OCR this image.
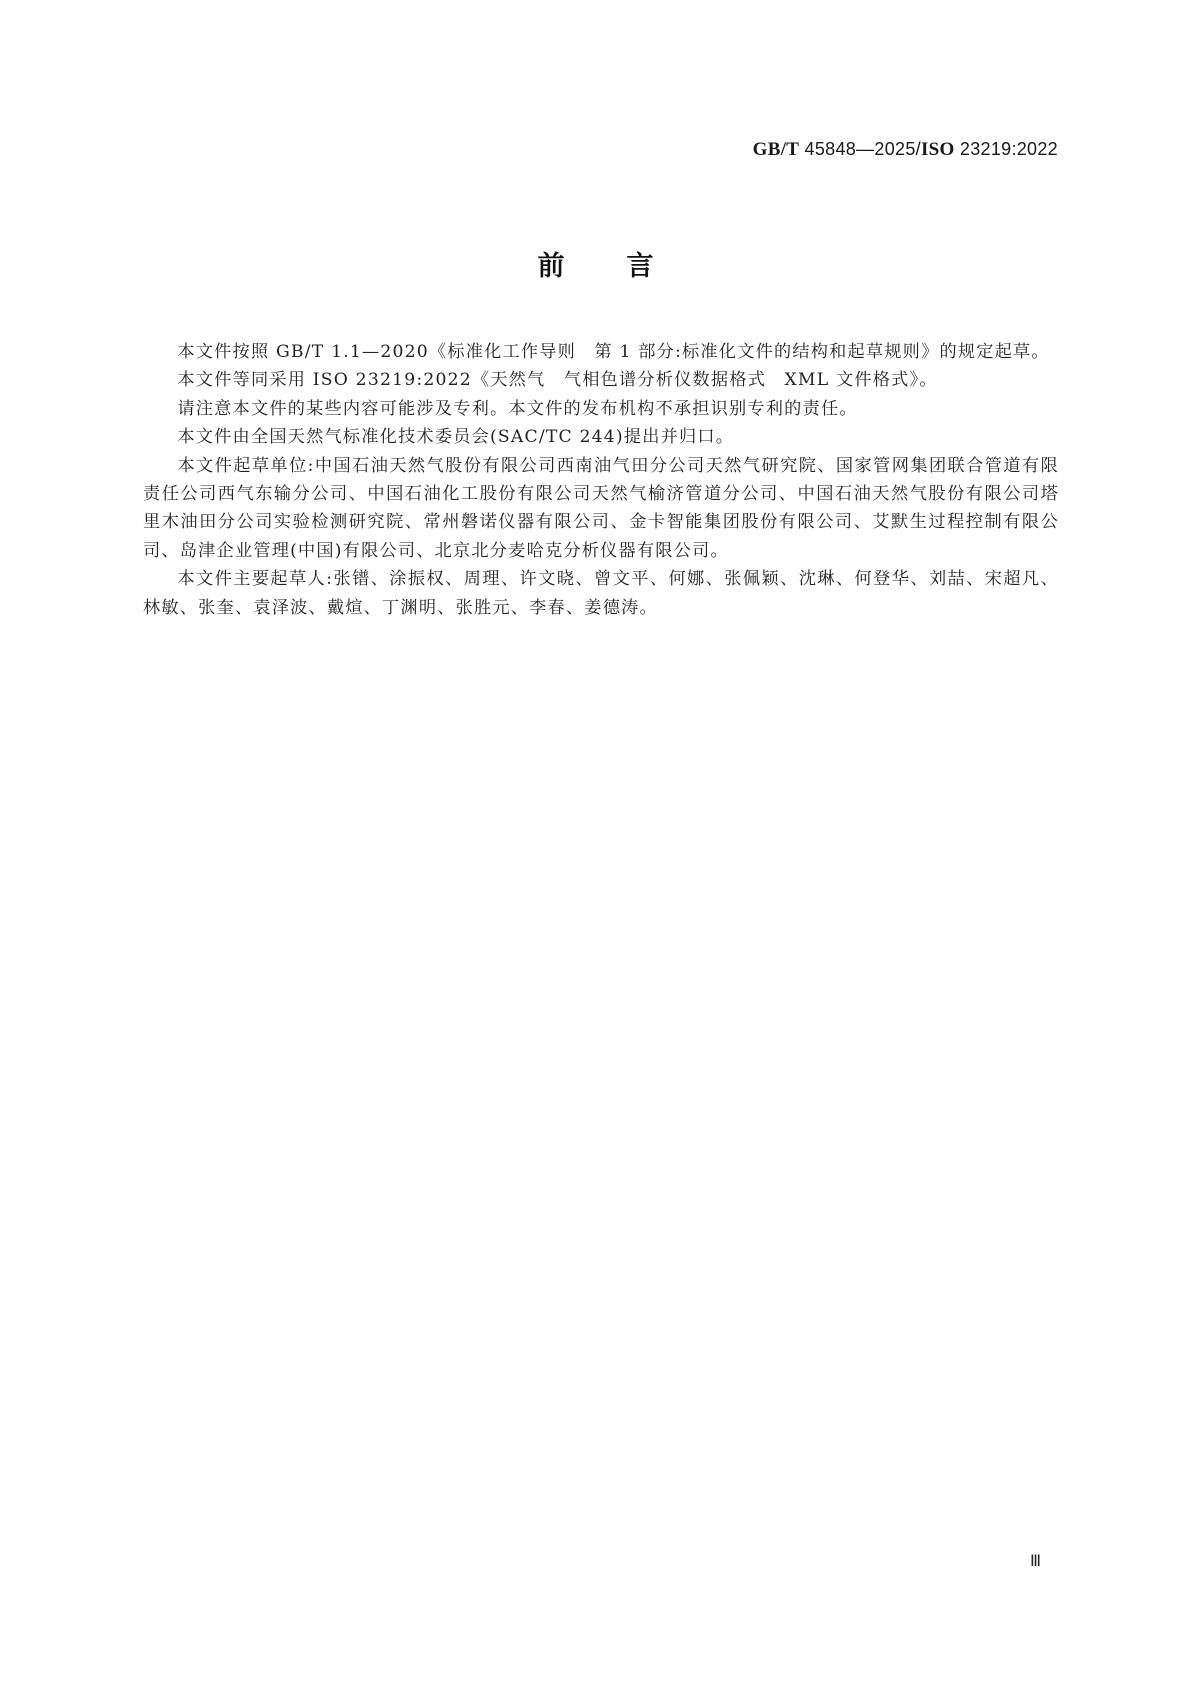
GB/T 45848—2025/ISO 23219:2022
前 言

本文件按照 GB/T 1.1—2020《标准化工作导则　第 1 部分:标准化文件的结构和起草规则》的规定起草。

本文件等同采用 ISO 23219:2022《天然气　气相色谱分析仪数据格式　XML 文件格式》。

请注意本文件的某些内容可能涉及专利。本文件的发布机构不承担识别专利的责任。

本文件由全国天然气标准化技术委员会(SAC/TC 244)提出并归口。

本文件起草单位:中国石油天然气股份有限公司西南油气田分公司天然气研究院、国家管网集团联合管道有限责任公司西气东输分公司、中国石油化工股份有限公司天然气榆济管道分公司、中国石油天然气股份有限公司塔里木油田分公司实验检测研究院、常州磐诺仪器有限公司、金卡智能集团股份有限公司、艾默生过程控制有限公司、岛津企业管理(中国)有限公司、北京北分麦哈克分析仪器有限公司。

本文件主要起草人:张镨、涂振权、周理、许文晓、曾文平、何娜、张佩颖、沈琳、何登华、刘喆、宋超凡、林敏、张奎、袁泽波、戴煊、丁渊明、张胜元、李春、姜德涛。

Ⅲ
